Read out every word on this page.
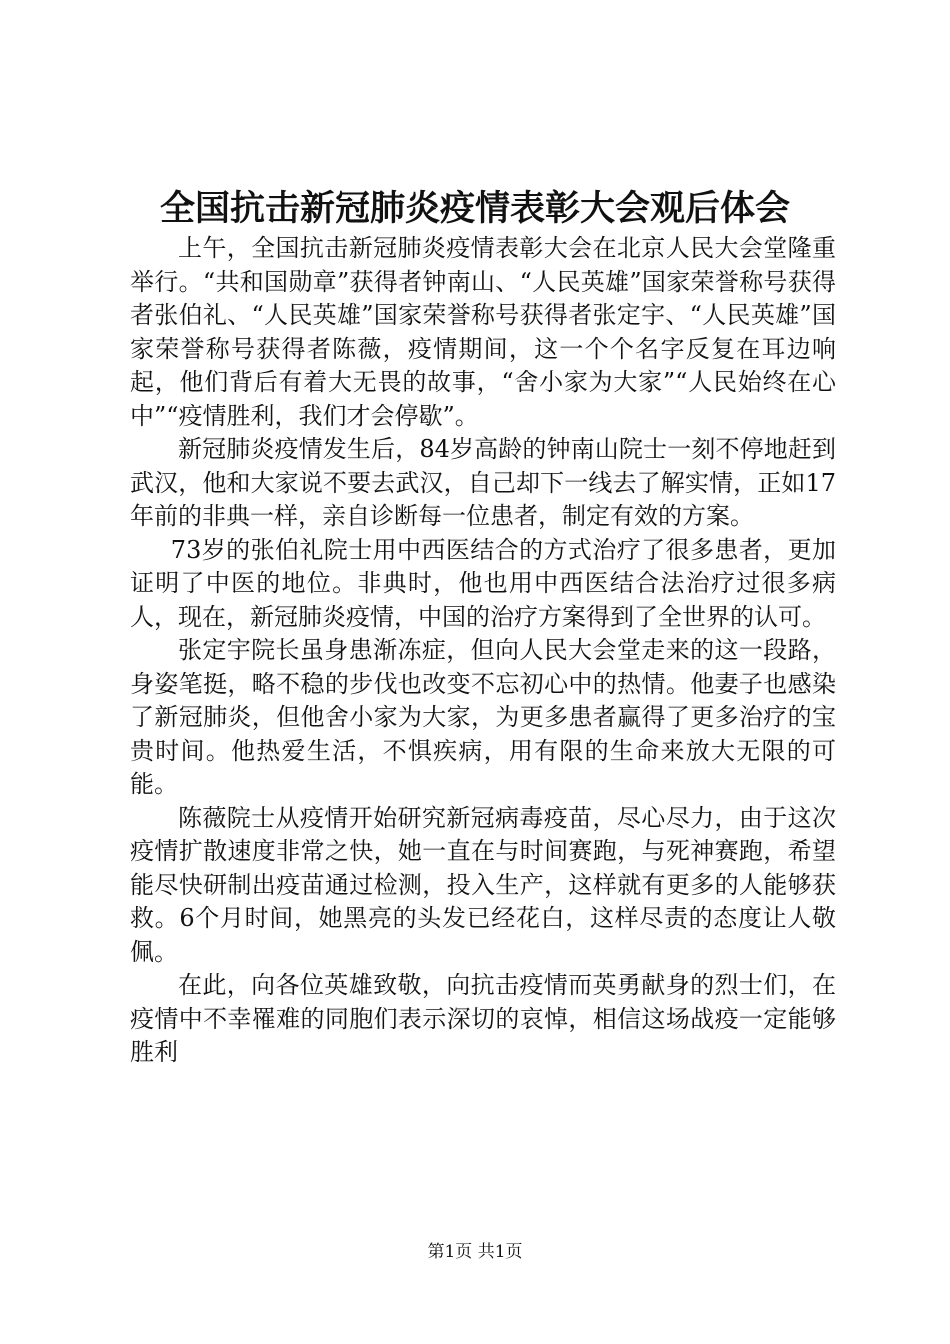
全国抗击新冠肺炎疫情表彰大会观后体会

上午，全国抗击新冠肺炎疫情表彰大会在北京人民大会堂隆重举行。“共和国勋章”获得者钟南山、“人民英雄”国家荣誉称号获得者张伯礼、“人民英雄”国家荣誉称号获得者张定宇、“人民英雄”国家荣誉称号获得者陈薇，疫情期间，这一个个名字反复在耳边响起，他们背后有着大无畏的故事，“舍小家为大家”“人民始终在心中”“疫情胜利，我们才会停歇”。

新冠肺炎疫情发生后，84岁高龄的钟南山院士一刻不停地赶到武汉，他和大家说不要去武汉，自己却下一线去了解实情，正如17年前的非典一样，亲自诊断每一位患者，制定有效的方案。

73岁的张伯礼院士用中西医结合的方式治疗了很多患者，更加证明了中医的地位。非典时，他也用中西医结合法治疗过很多病人，现在，新冠肺炎疫情，中国的治疗方案得到了全世界的认可。

张定宇院长虽身患渐冻症，但向人民大会堂走来的这一段路，身姿笔挺，略不稳的步伐也改变不忘初心中的热情。他妻子也感染了新冠肺炎，但他舍小家为大家，为更多患者赢得了更多治疗的宝贵时间。他热爱生活，不惧疾病，用有限的生命来放大无限的可能。

陈薇院士从疫情开始研究新冠病毒疫苗，尽心尽力，由于这次疫情扩散速度非常之快，她一直在与时间赛跑，与死神赛跑，希望能尽快研制出疫苗通过检测，投入生产，这样就有更多的人能够获救。6个月时间，她黑亮的头发已经花白，这样尽责的态度让人敬佩。

在此，向各位英雄致敬，向抗击疫情而英勇献身的烈士们，在疫情中不幸罹难的同胞们表示深切的哀悼，相信这场战疫一定能够胜利

第1页 共1页
